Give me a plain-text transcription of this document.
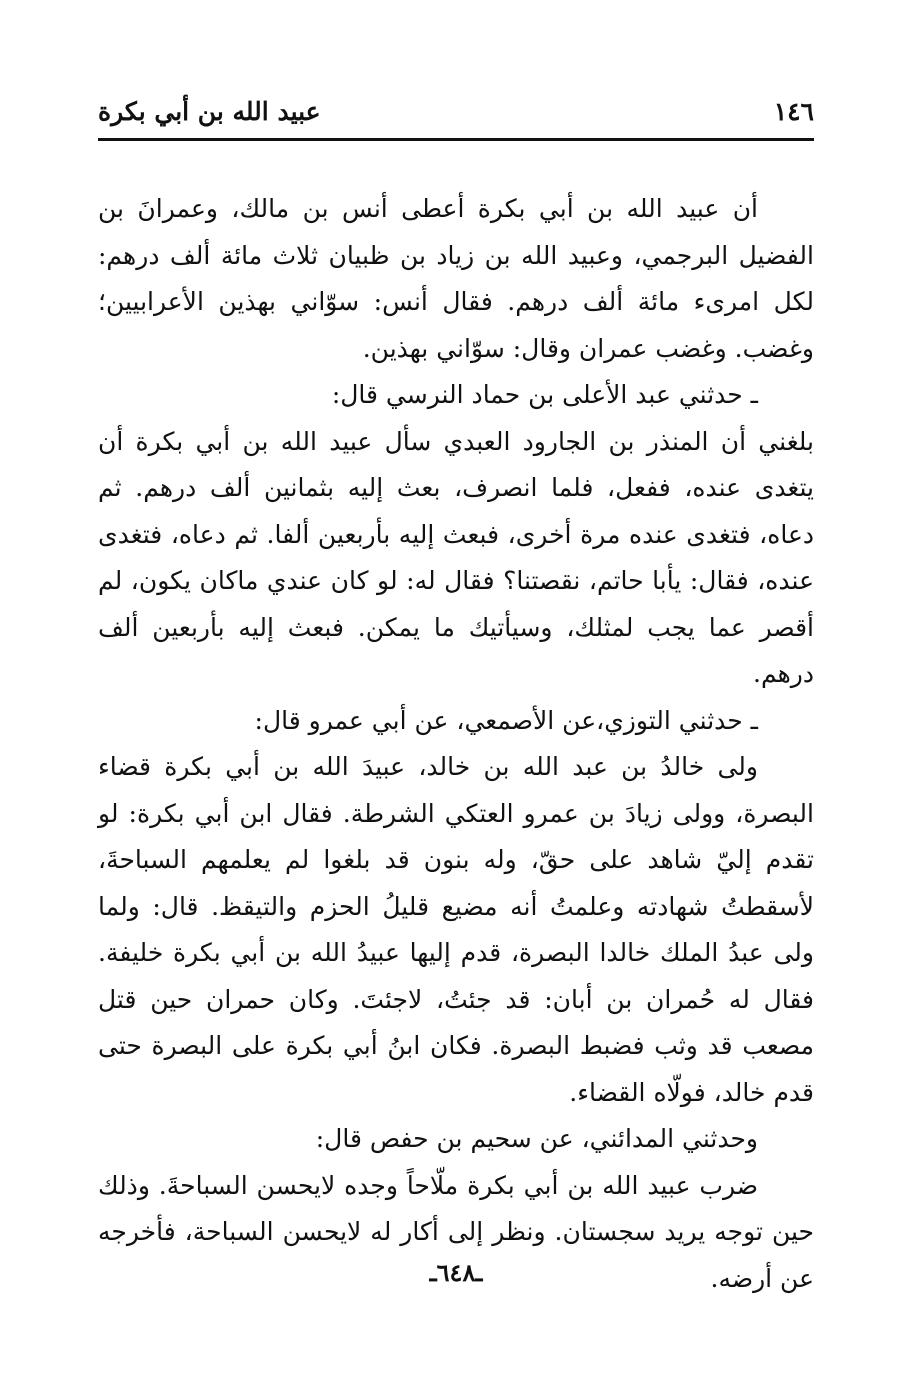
١٤٦
عبيد الله بن أبي بكرة

أن عبيد الله بن أبي بكرة أعطى أنس بن مالك، وعمرانَ بن الفضيل البرجمي، وعبيد الله بن زياد بن ظبيان ثلاث مائة ألف درهم: لكل امرىء مائة ألف درهم. فقال أنس: سوّاني بهذين الأعرابيين؛ وغضب. وغضب عمران وقال: سوّاني بهذين.

ـ حدثني عبد الأعلى بن حماد النرسي قال:

بلغني أن المنذر بن الجارود العبدي سأل عبيد الله بن أبي بكرة أن يتغدى عنده، ففعل، فلما انصرف، بعث إليه بثمانين ألف درهم. ثم دعاه، فتغدى عنده مرة أخرى، فبعث إليه بأربعين ألفا. ثم دعاه، فتغدى عنده، فقال: يأبا حاتم، نقصتنا؟ فقال له: لو كان عندي ماكان يكون، لم أقصر عما يجب لمثلك، وسيأتيك ما يمكن. فبعث إليه بأربعين ألف درهم.

ـ حدثني التوزي،عن الأصمعي، عن أبي عمرو قال:

ولى خالدُ بن عبد الله بن خالد، عبيدَ الله بن أبي بكرة قضاء البصرة، وولى زيادَ بن عمرو العتكي الشرطة. فقال ابن أبي بكرة: لو تقدم إليّ شاهد على حقّ، وله بنون قد بلغوا لم يعلمهم السباحةَ، لأسقطتُ شهادته وعلمتُ أنه مضيع قليلُ الحزم والتيقظ. قال: ولما ولى عبدُ الملك خالدا البصرة، قدم إليها عبيدُ الله بن أبي بكرة خليفة. فقال له حُمران بن أبان: قد جئتُ، لاجئتَ. وكان حمران حين قتل مصعب قد وثب فضبط البصرة. فكان ابنُ أبي بكرة على البصرة حتى قدم خالد، فولّاه القضاء.

وحدثني المدائني، عن سحيم بن حفص قال:

ضرب عبيد الله بن أبي بكرة ملّاحاً وجده لايحسن السباحةَ. وذلك حين توجه يريد سجستان. ونظر إلى أكار له لايحسن السباحة، فأخرجه عن أرضه.

ـ٦٤٨ـ
